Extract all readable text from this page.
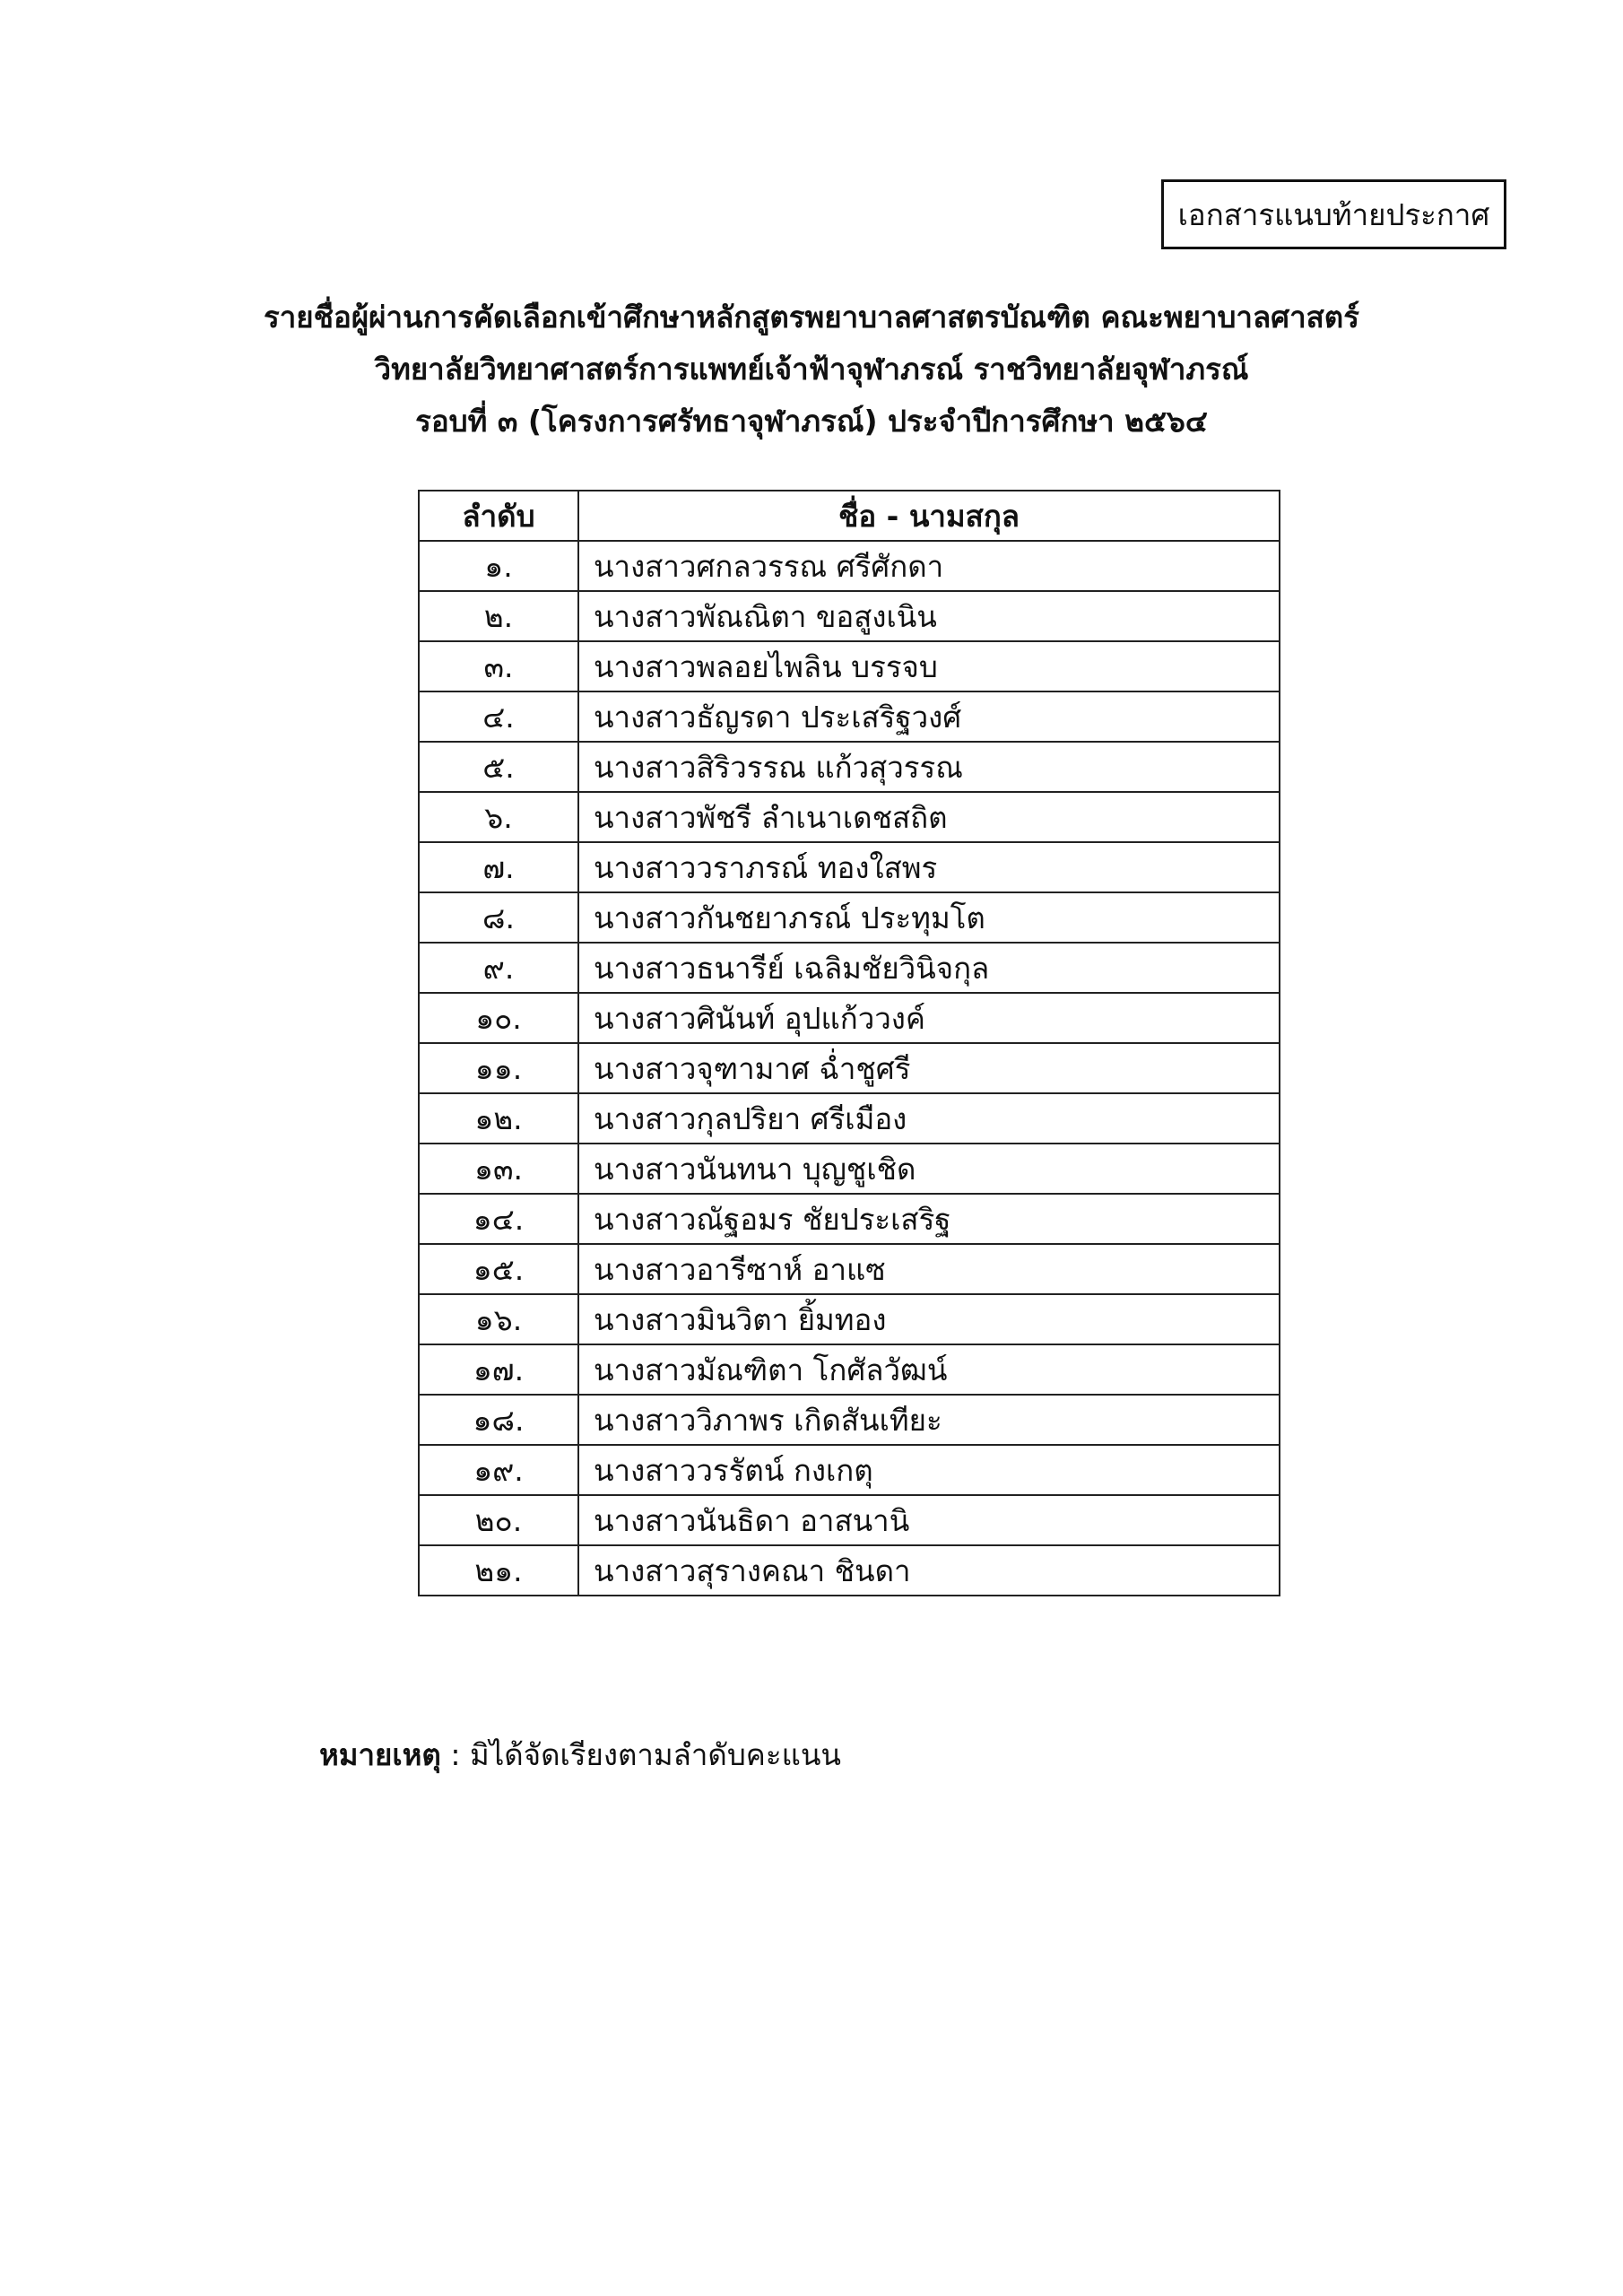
เอกสารแนบท้ายประกาศ
รายชื่อผู้ผ่านการคัดเลือกเข้าศึกษาหลักสูตรพยาบาลศาสตรบัณฑิต คณะพยาบาลศาสตร์
วิทยาลัยวิทยาศาสตร์การแพทย์เจ้าฟ้าจุฬาภรณ์ ราชวิทยาลัยจุฬาภรณ์
รอบที่ ๓ (โครงการศรัทธาจุฬาภรณ์) ประจำปีการศึกษา ๒๕๖๔
ลำดับ	ชื่อ - นามสกุล
๑.	นางสาวศกลวรรณ ศรีศักดา
๒.	นางสาวพัณณิตา ขอสูงเนิน
๓.	นางสาวพลอยไพลิน บรรจบ
๔.	นางสาวธัญรดา ประเสริฐวงศ์
๕.	นางสาวสิริวรรณ แก้วสุวรรณ
๖.	นางสาวพัชรี ลำเนาเดชสถิต
๗.	นางสาววราภรณ์ ทองใสพร
๘.	นางสาวกันชยาภรณ์ ประทุมโต
๙.	นางสาวธนารีย์ เฉลิมชัยวินิจกุล
๑๐.	นางสาวศินันท์ อุปแก้ววงค์
๑๑.	นางสาวจุฑามาศ ฉ่ำชูศรี
๑๒.	นางสาวกุลปริยา ศรีเมือง
๑๓.	นางสาวนันทนา บุญชูเชิด
๑๔.	นางสาวณัฐอมร ชัยประเสริฐ
๑๕.	นางสาวอารีซาห์ อาแซ
๑๖.	นางสาวมินวิตา ยิ้มทอง
๑๗.	นางสาวมัณฑิตา โกศัลวัฒน์
๑๘.	นางสาววิภาพร เกิดสันเทียะ
๑๙.	นางสาววรรัตน์ กงเกตุ
๒๐.	นางสาวนันธิดา อาสนานิ
๒๑.	นางสาวสุรางคณา ชินดา
หมายเหตุ : มิได้จัดเรียงตามลำดับคะแนน
